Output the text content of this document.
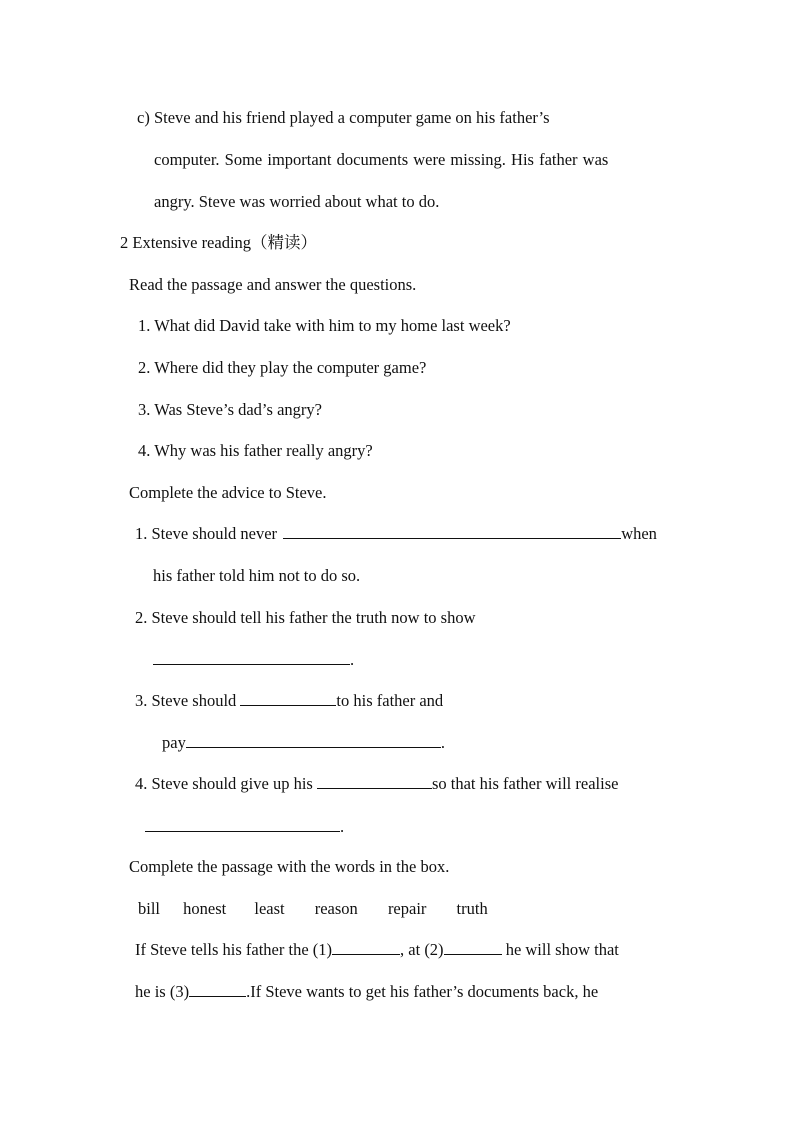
c) Steve and his friend played a computer game on his father’s
computer. Some important documents were missing. His father was
angry. Steve was worried about what to do.
2 Extensive reading（精读）
Read the passage and answer the questions.
1. What did David take with him to my home last week?
2. Where did they play the computer game?
3. Was Steve’s dad’s angry?
4. Why was his father really angry?
Complete the advice to Steve.
1. Steve should never	when
his father told him not to do so.
2. Steve should tell his father the truth now to show
.
3. Steve should	to his father and
pay	.
4. Steve should give up his	so that his father will realise
.
Complete the passage with the words in the box.
bill honest least reason repair truth
If Steve tells his father the (1)	, at (2)	he will show that
he is (3)	.If Steve wants to get his father’s documents back, he
